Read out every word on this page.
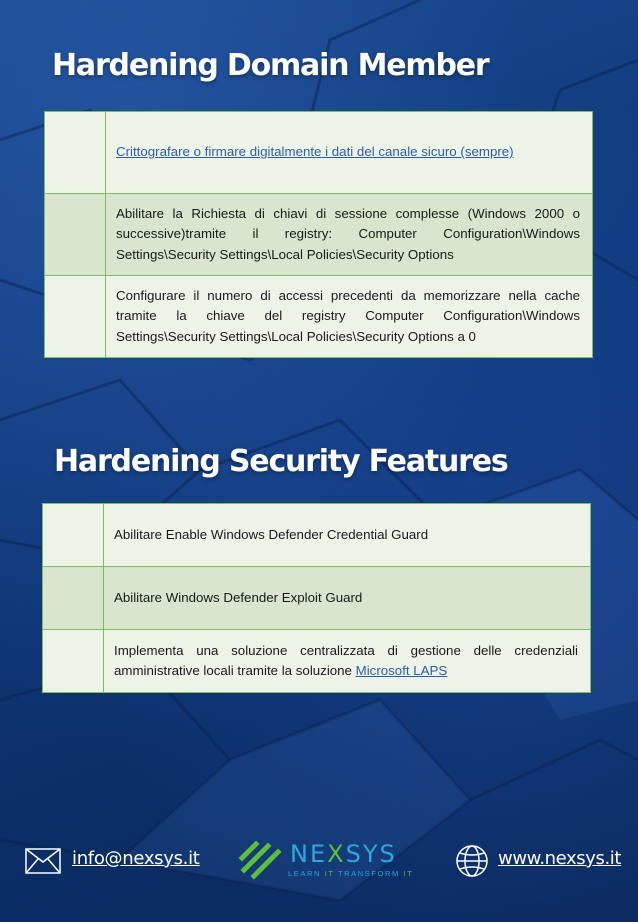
Hardening Domain Member
	Crittografare o firmare digitalmente i dati del canale sicuro (sempre)
	Abilitare la Richiesta di chiavi di sessione complesse (Windows 2000 o successive)tramite il registry: Computer Configuration\Windows Settings\Security Settings\Local Policies\Security Options
	Configurare il numero di accessi precedenti da memorizzare nella cache tramite la chiave del registry Computer Configuration\Windows Settings\Security Settings\Local Policies\Security Options a 0
Hardening Security Features
	Abilitare Enable Windows Defender Credential Guard
	Abilitare Windows Defender Exploit Guard
	Implementa una soluzione centralizzata di gestione delle credenziali amministrative locali tramite la soluzione Microsoft LAPS
info@nexsys.it	NEXSYS
LEARN IT TRANSFORM IT
www.nexsys.it
